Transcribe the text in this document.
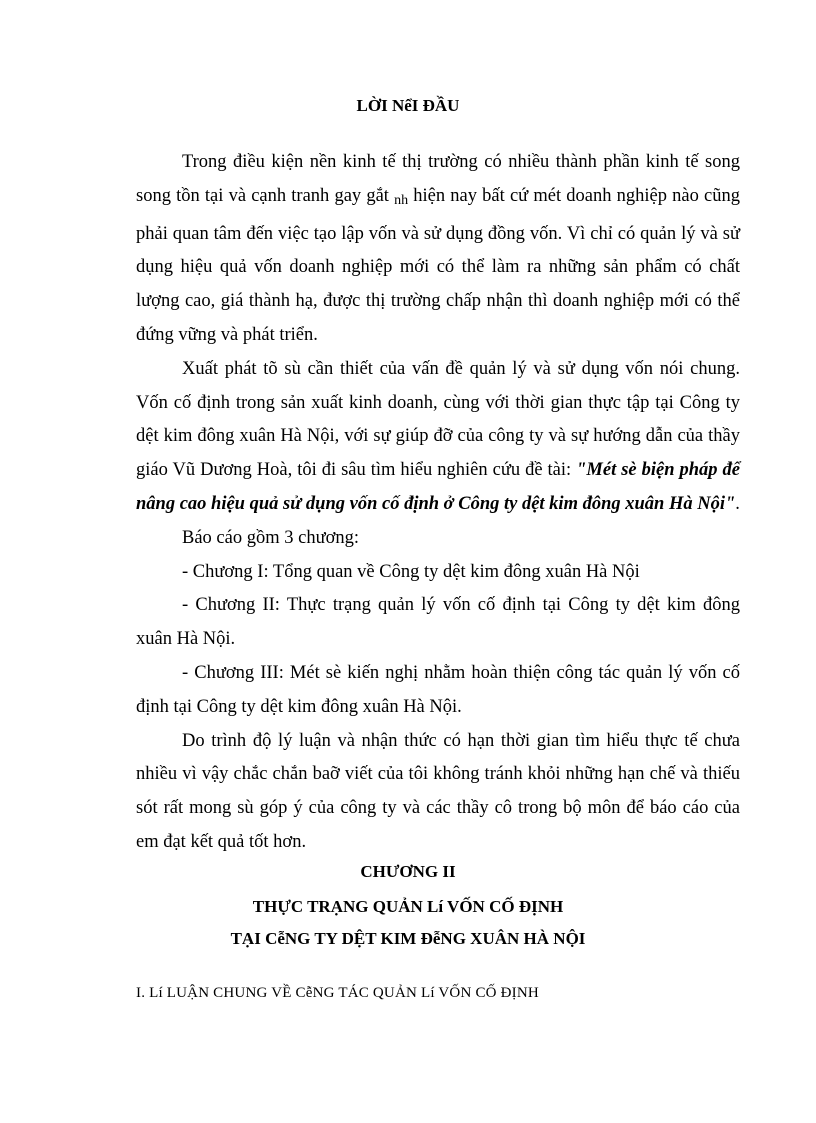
LỜI NểI ĐẦU

Trong điều kiện nền kinh tế thị trường có nhiều thành phần kinh tế song song tồn tại và cạnh tranh gay gắt $_{nh}$ hiện nay bất cứ mét doanh nghiệp nào cũng phải quan tâm đến việc tạo lập vốn và sử dụng đồng vốn. Vì chỉ có quản lý và sử dụng hiệu quả vốn doanh nghiệp mới có thể làm ra những sản phẩm có chất lượng cao, giá thành hạ, được thị trường chấp nhận thì doanh nghiệp mới có thể đứng vững và phát triển.

Xuất phát tõ sù cần thiết của vấn đề quản lý và sử dụng vốn nói chung. Vốn cố định trong sản xuất kinh doanh, cùng với thời gian thực tập tại Công ty dệt kim đông xuân Hà Nội, với sự giúp đỡ của công ty và sự hướng dẫn của thầy giáo Vũ Dương Hoà, tôi đi sâu tìm hiểu nghiên cứu đề tài: "Mét sè biện pháp để nâng cao hiệu quả sử dụng vốn cố định ở Công ty dệt kim đông xuân Hà Nội".

Báo cáo gồm 3 chương:

- Chương I: Tổng quan về Công ty dệt kim đông xuân Hà Nội

- Chương II: Thực trạng quản lý vốn cố định tại Công ty dệt kim đông xuân Hà Nội.

- Chương III: Mét sè kiến nghị nhằm hoàn thiện công tác quản lý vốn cố định tại Công ty dệt kim đông xuân Hà Nội.

Do trình độ lý luận và nhận thức có hạn thời gian tìm hiểu thực tế chưa nhiều vì vậy chắc chắn baỡ viết của tôi không tránh khỏi những hạn chế và thiếu sót rất mong sù góp ý của công ty và các thầy cô trong bộ môn để báo cáo của em đạt kết quả tốt hơn.

CHƯƠNG II
THỰC TRẠNG QUẢN Lí VỐN CỐ ĐỊNH
TẠI CễNG TY DỆT KIM ĐễNG XUÂN HÀ NỘI
I. Lí LUẬN CHUNG VỀ CễNG TÁC QUẢN Lí VỐN CỐ ĐỊNH
